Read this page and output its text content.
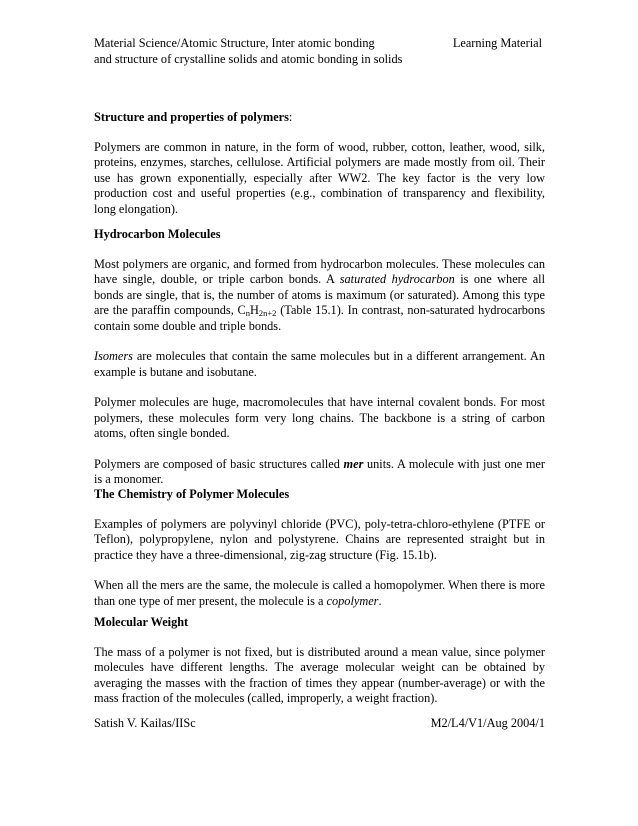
Material Science/Atomic Structure, Inter atomic bonding
and structure of crystalline solids and atomic bonding in solids
Learning Material
Structure and properties of polymers:

Polymers are common in nature, in the form of wood, rubber, cotton, leather, wood, silk, proteins, enzymes, starches, cellulose. Artificial polymers are made mostly from oil. Their use has grown exponentially, especially after WW2. The key factor is the very low production cost and useful properties (e.g., combination of transparency and flexibility, long elongation).

Hydrocarbon Molecules

Most polymers are organic, and formed from hydrocarbon molecules. These molecules can have single, double, or triple carbon bonds. A saturated hydrocarbon is one where all bonds are single, that is, the number of atoms is maximum (or saturated). Among this type are the paraffin compounds, $C_nH_{2n+2}$ (Table 15.1). In contrast, non-saturated hydrocarbons contain some double and triple bonds.

Isomers are molecules that contain the same molecules but in a different arrangement. An example is butane and isobutane.

Polymer molecules are huge, macromolecules that have internal covalent bonds. For most polymers, these molecules form very long chains. The backbone is a string of carbon atoms, often single bonded.

Polymers are composed of basic structures called mer units. A molecule with just one mer is a monomer.

The Chemistry of Polymer Molecules

Examples of polymers are polyvinyl chloride (PVC), poly-tetra-chloro-ethylene (PTFE or Teflon), polypropylene, nylon and polystyrene. Chains are represented straight but in practice they have a three-dimensional, zig-zag structure (Fig. 15.1b).

When all the mers are the same, the molecule is called a homopolymer. When there is more than one type of mer present, the molecule is a copolymer.

Molecular Weight

The mass of a polymer is not fixed, but is distributed around a mean value, since polymer molecules have different lengths. The average molecular weight can be obtained by averaging the masses with the fraction of times they appear (number-average) or with the mass fraction of the molecules (called, improperly, a weight fraction).

Satish V. Kailas/IISc	M2/L4/V1/Aug 2004/1
